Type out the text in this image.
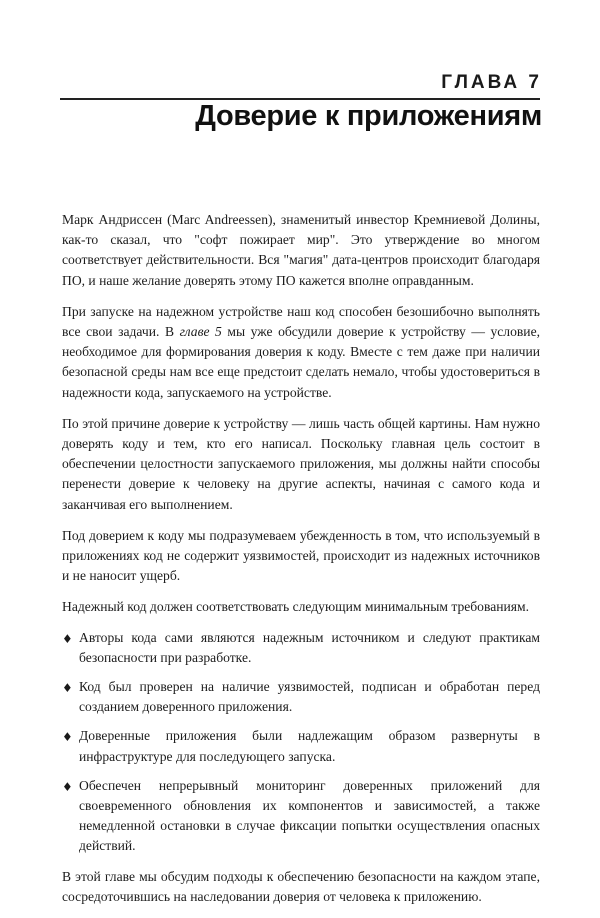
ГЛАВА 7
Доверие к приложениям

Марк Андриссен (Marc Andreessen), знаменитый инвестор Кремниевой Долины, как-то сказал, что "софт пожирает мир". Это утверждение во многом соответствует действительности. Вся "магия" дата-центров происходит благодаря ПО, и наше желание доверять этому ПО кажется вполне оправданным.

При запуске на надежном устройстве наш код способен безошибочно выполнять все свои задачи. В главе 5 мы уже обсудили доверие к устройству — условие, необходимое для формирования доверия к коду. Вместе с тем даже при наличии безопасной среды нам все еще предстоит сделать немало, чтобы удостовериться в надежности кода, запускаемого на устройстве.

По этой причине доверие к устройству — лишь часть общей картины. Нам нужно доверять коду и тем, кто его написал. Поскольку главная цель состоит в обеспечении целостности запускаемого приложения, мы должны найти способы перенести доверие к человеку на другие аспекты, начиная с самого кода и заканчивая его выполнением.

Под доверием к коду мы подразумеваем убежденность в том, что используемый в приложениях код не содержит уязвимостей, происходит из надежных источников и не наносит ущерб.

Надежный код должен соответствовать следующим минимальным требованиям.

♦ Авторы кода сами являются надежным источником и следуют практикам безопасности при разработке.
♦ Код был проверен на наличие уязвимостей, подписан и обработан перед созданием доверенного приложения.
♦ Доверенные приложения были надлежащим образом развернуты в инфраструктуре для последующего запуска.
♦ Обеспечен непрерывный мониторинг доверенных приложений для своевременного обновления их компонентов и зависимостей, а также немедленной остановки в случае фиксации попытки осуществления опасных действий.

В этой главе мы обсудим подходы к обеспечению безопасности на каждом этапе, сосредоточившись на наследовании доверия от человека к приложению.
